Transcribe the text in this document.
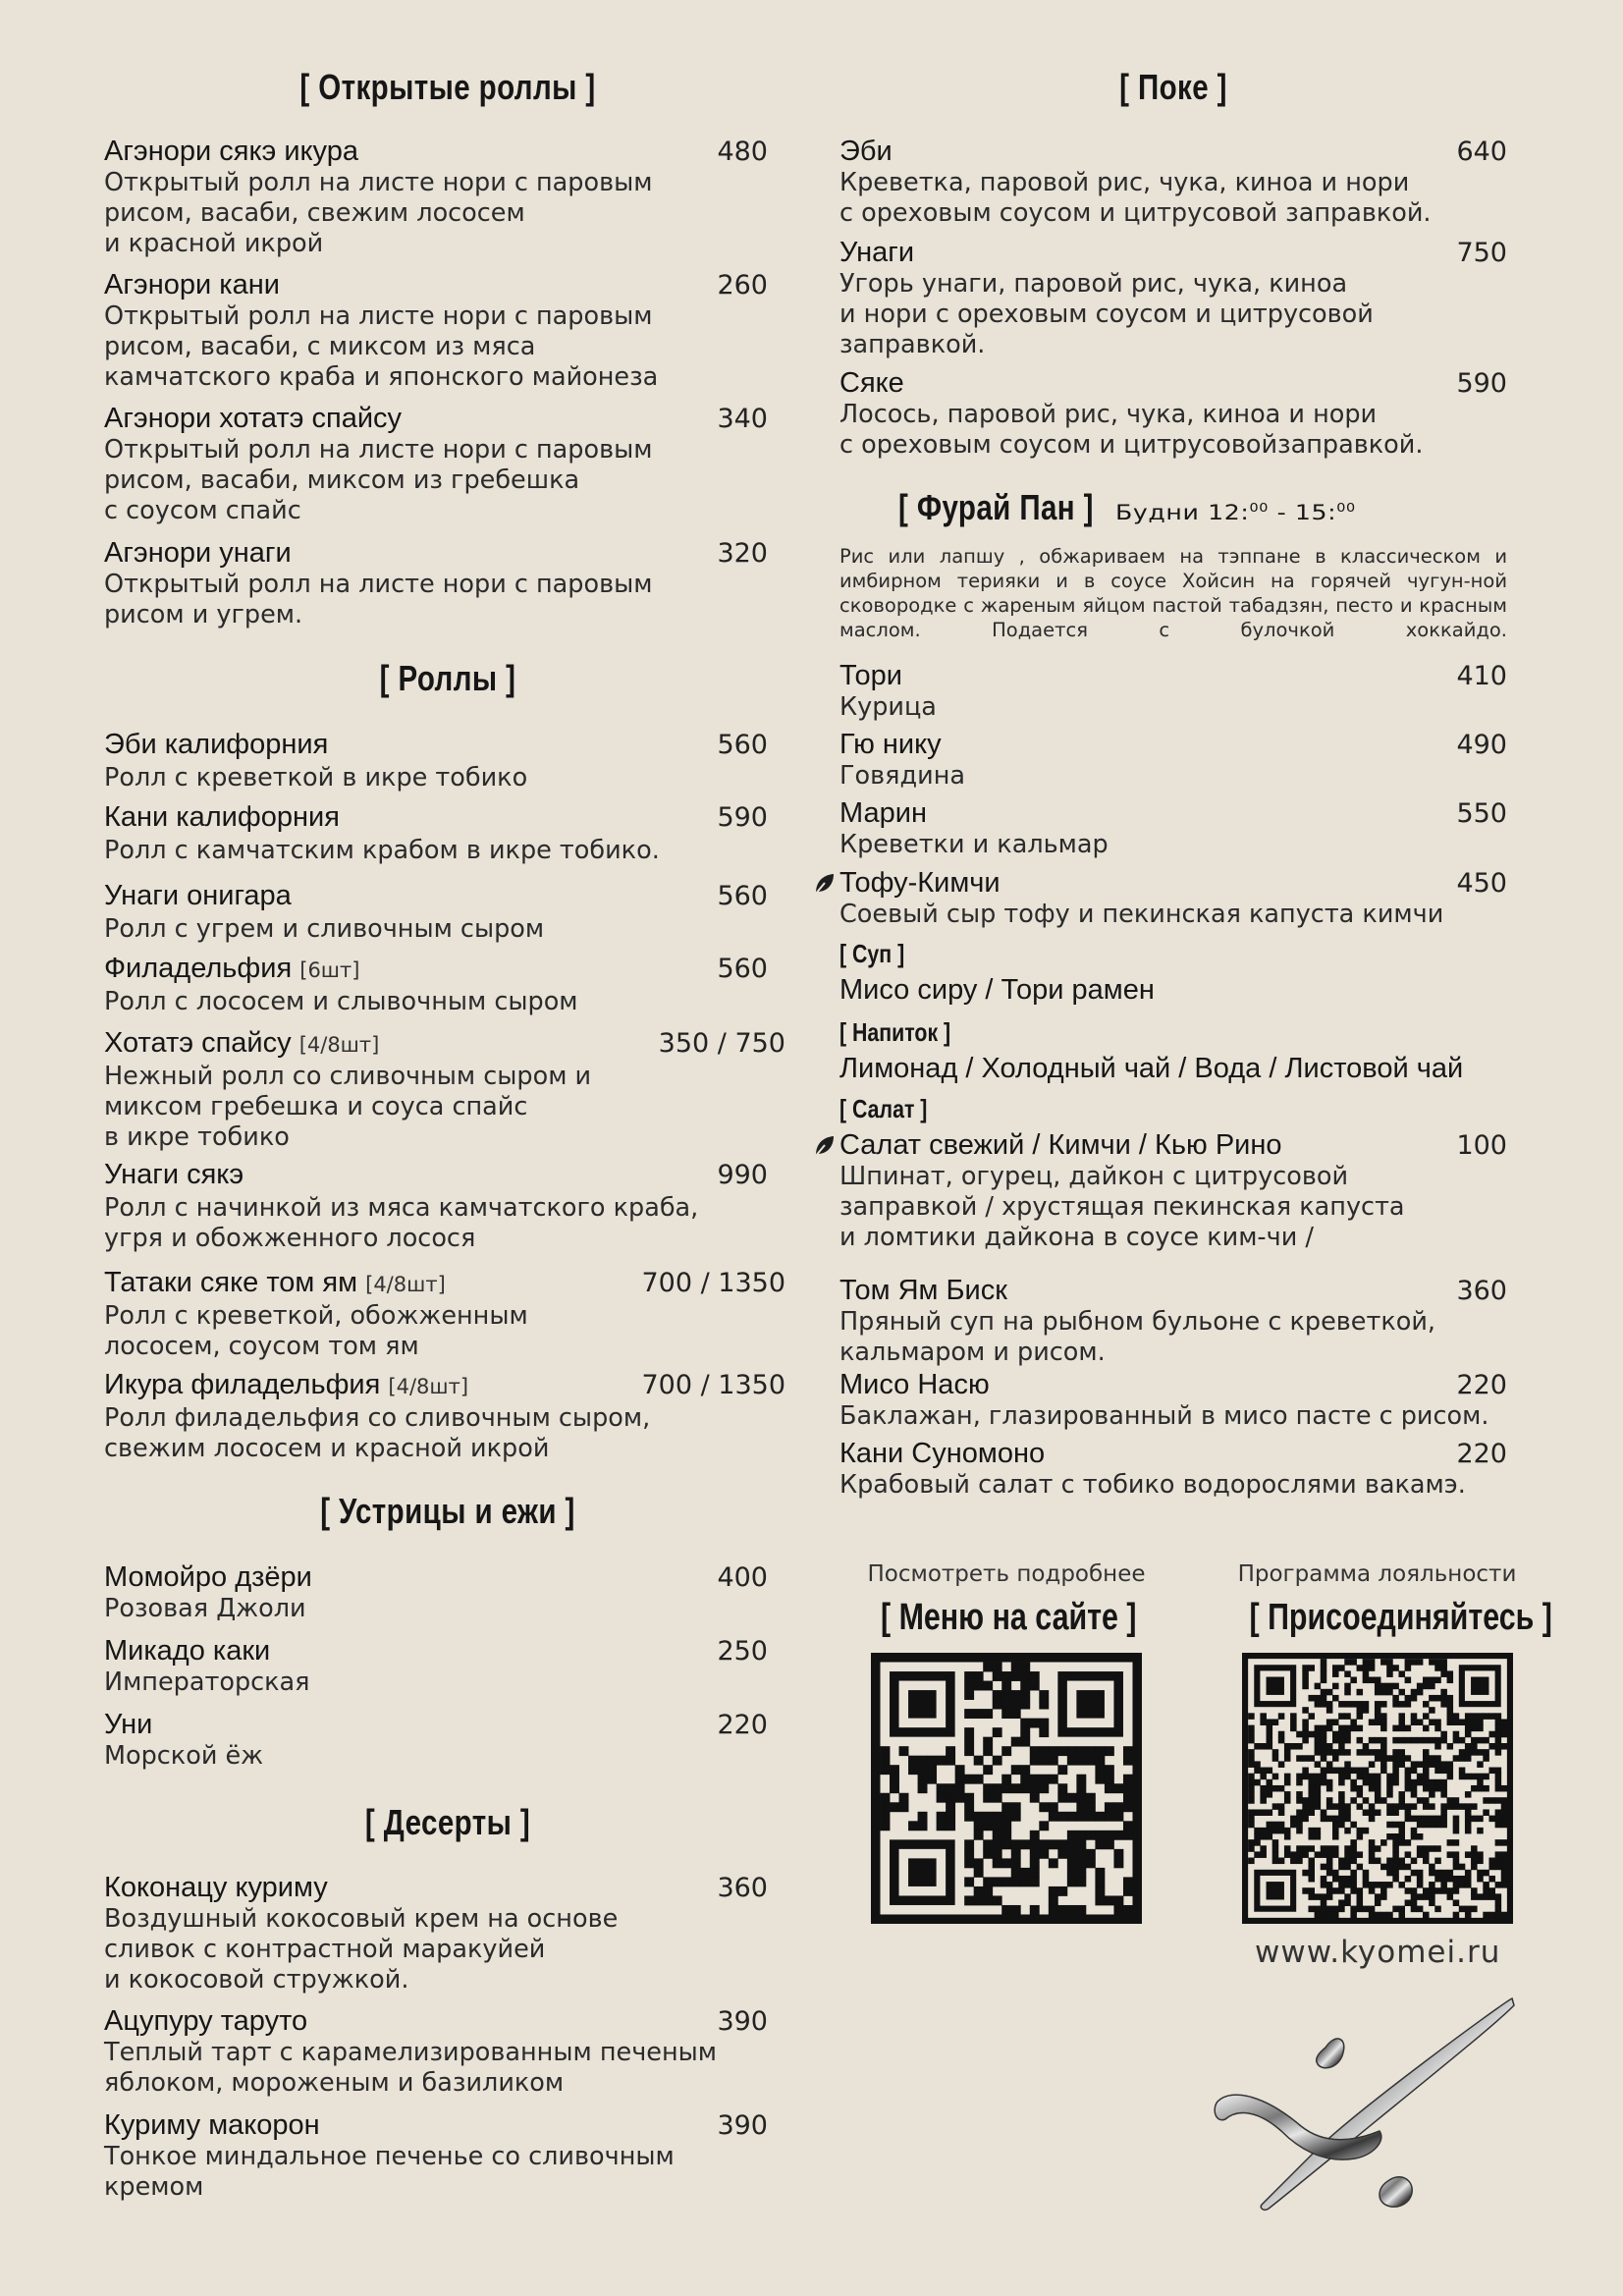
[ Открытые роллы ]
Агэнори сякэ икура	480
Открытый ролл на листе нори с паровым
рисом, васаби, свежим лососем
и красной икрой
Агэнори кани	260
Открытый ролл на листе нори с паровым
рисом, васаби, с миксом из мяса
камчатского краба и японского майонеза
Агэнори хотатэ спайсу	340
Открытый ролл на листе нори с паровым
рисом, васаби, миксом из гребешка
с соусом спайс
Агэнори унаги	320
Открытый ролл на листе нори с паровым
рисом и угрем.
[ Роллы ]
Эби калифорния	560
Ролл с креветкой в икре тобико
Кани калифорния	590
Ролл с камчатским крабом в икре тобико.
Унаги онигара	560
Ролл с угрем и сливочным сыром
Филадельфия [6шт]	560
Ролл с лососем и слывочным сыром
Хотатэ спайсу [4/8шт]	350 / 750
Нежный ролл со сливочным сыром и
миксом гребешка и соуса спайс
в икре тобико
Унаги сякэ	990
Ролл с начинкой из мяса камчатского краба,
угря и обожженного лосося
Татаки сяке том ям [4/8шт]	700 / 1350
Ролл с креветкой, обожженным
лососем, соусом том ям
Икура филадельфия [4/8шт]	700 / 1350
Ролл филадельфия со сливочным сыром,
свежим лососем и красной икрой
[ Устрицы и ежи ]
Момойро дзёри	400
Розовая Джоли
Микадо каки	250
Императорская
Уни	220
Морской ёж
[ Десерты ]
Коконацу куриму	360
Воздушный кокосовый крем на основе
сливок с контрастной маракуйей
и кокосовой стружкой.
Ацупуру таруто	390
Теплый тарт с карамелизированным печеным
яблоком, мороженым и базиликом
Куриму макорон	390
Тонкое миндальное печенье со сливочным
кремом
[ Поке ]
Эби	640
Креветка, паровой рис, чука, киноа и нори
с ореховым соусом и цитрусовой заправкой.
Унаги	750
Угорь унаги, паровой рис, чука, киноа
и нори с ореховым соусом и цитрусовой
заправкой.
Сяке	590
Лосось, паровой рис, чука, киноа и нори
с ореховым соусом и цитрусовойзаправкой.
[ Фурай Пан ] Будни 12:$^{00}$ - 15:$^{00}$
Рис или лапшу , обжариваем на тэппане в классическом и имбирном терияки и в соусе Хойсин на горячей чугун-ной сковородке с жареным яйцом пастой табадзян, песто и красным маслом. Подается с булочкой хоккайдо.
Тори	410
Курица
Гю нику	490
Говядина
Марин	550
Креветки и кальмар
Тофу-Кимчи	450
Соевый сыр тофу и пекинская капуста кимчи
[ Суп ]
Мисо сиру / Тори рамен
[ Напиток ]
Лимонад / Холодный чай / Вода / Листовой чай
[ Салат ]
Салат свежий / Кимчи / Кью Рино	100
Шпинат, огурец, дайкон с цитрусовой
заправкой / хрустящая пекинская капуста
и ломтики дайкона в соусе ким-чи /
Том Ям Биск	360
Пряный суп на рыбном бульоне с креветкой,
кальмаром и рисом.
Мисо Насю	220
Баклажан, глазированный в мисо пасте с рисом.
Кани Суномоно	220
Крабовый салат с тобико водорослями вакамэ.
Посмотреть подробнее
[ Меню на сайте ]
Программа лояльности
[ Присоединяйтесь ]
www.kyomei.ru
